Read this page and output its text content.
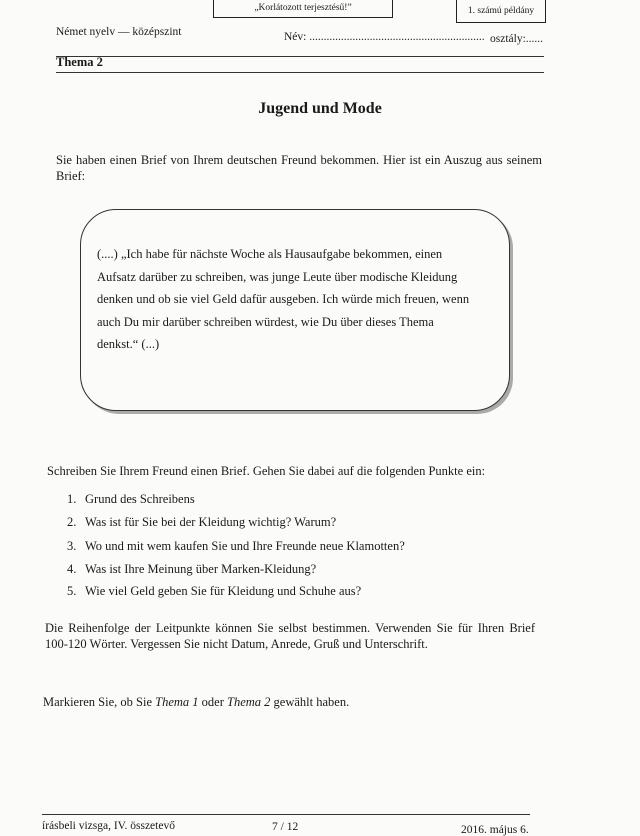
„Korlátozott terjesztésű!”	1. számú példány
Német nyelv — középszint	Név: ............................................................. osztály:......
Thema 2
Jugend und Mode
Sie haben einen Brief von Ihrem deutschen Freund bekommen. Hier ist ein Auszug aus seinem Brief:
(....) „Ich habe für nächste Woche als Hausaufgabe bekommen, einen Aufsatz darüber zu schreiben, was junge Leute über modische Kleidung denken und ob sie viel Geld dafür ausgeben. Ich würde mich freuen, wenn auch Du mir darüber schreiben würdest, wie Du über dieses Thema denkst.“ (...)
Schreiben Sie Ihrem Freund einen Brief. Gehen Sie dabei auf die folgenden Punkte ein:
1. Grund des Schreibens
2. Was ist für Sie bei der Kleidung wichtig? Warum?
3. Wo und mit wem kaufen Sie und Ihre Freunde neue Klamotten?
4. Was ist Ihre Meinung über Marken-Kleidung?
5. Wie viel Geld geben Sie für Kleidung und Schuhe aus?
Die Reihenfolge der Leitpunkte können Sie selbst bestimmen. Verwenden Sie für Ihren Brief 100-120 Wörter. Vergessen Sie nicht Datum, Anrede, Gruß und Unterschrift.
Markieren Sie, ob Sie Thema 1 oder Thema 2 gewählt haben.
írásbeli vizsga, IV. összetevő	7 / 12	2016. május 6.
